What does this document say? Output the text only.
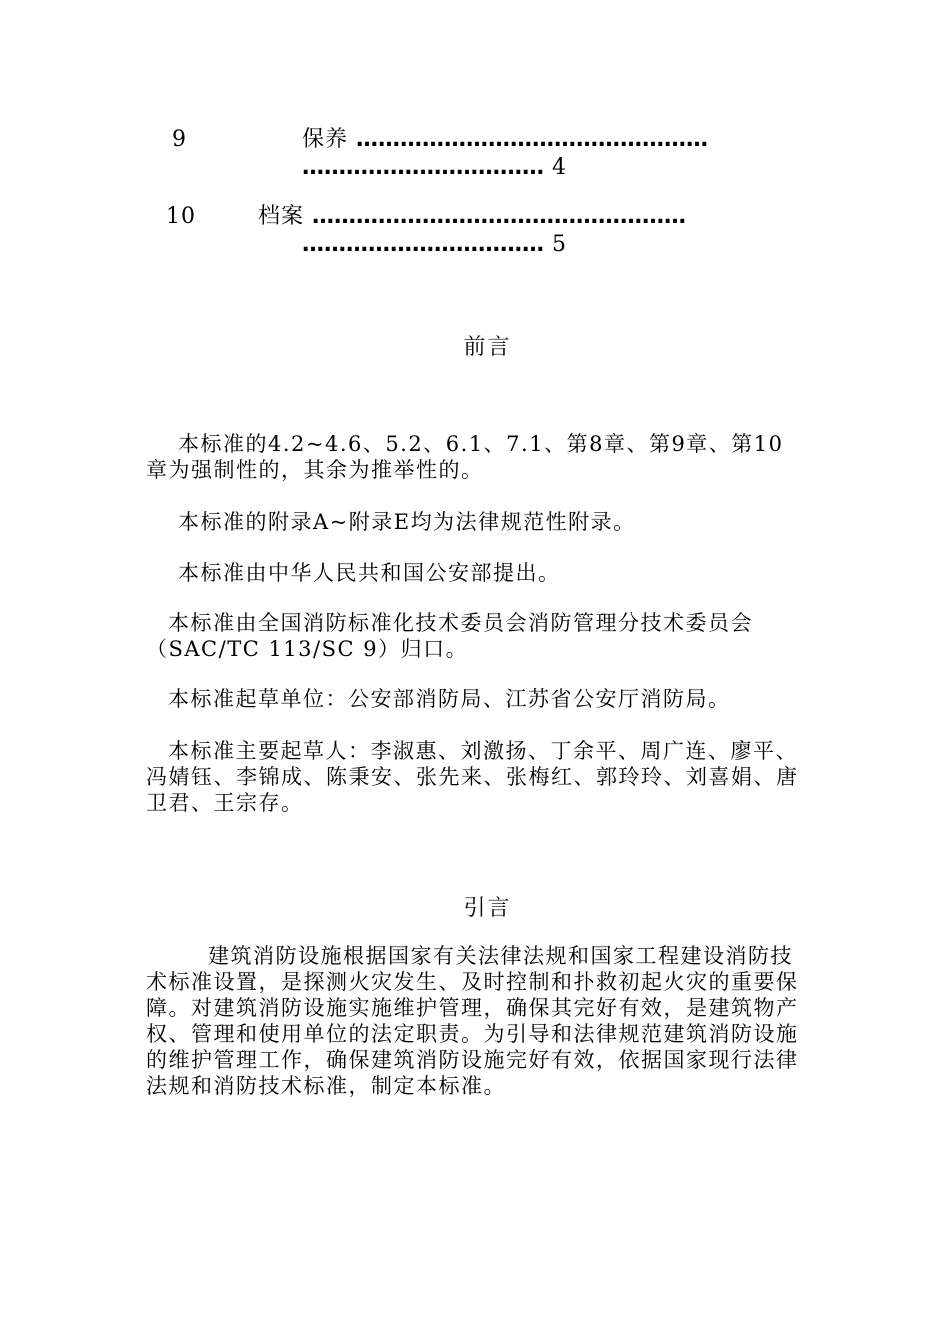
9	保养 …………………………………………
…………………………… 4
10	档案 ……………………………………………
…………………………… 5
前言

本标准的4.2~4.6、5.2、6.1、7.1、第8章、第9章、第10章为强制性的，其余为推举性的。

本标准的附录A~附录E均为法律规范性附录。

本标准由中华人民共和国公安部提出。

本标准由全国消防标准化技术委员会消防管理分技术委员会（SAC/TC 113/SC 9）归口。

本标准起草单位：公安部消防局、江苏省公安厅消防局。

本标准主要起草人：李淑惠、刘激扬、丁余平、周广连、廖平、冯婧钰、李锦成、陈秉安、张先来、张梅红、郭玲玲、刘喜娟、唐卫君、王宗存。

引言

建筑消防设施根据国家有关法律法规和国家工程建设消防技术标准设置，是探测火灾发生、及时控制和扑救初起火灾的重要保障。对建筑消防设施实施维护管理，确保其完好有效，是建筑物产权、管理和使用单位的法定职责。为引导和法律规范建筑消防设施的维护管理工作，确保建筑消防设施完好有效，依据国家现行法律法规和消防技术标准，制定本标准。
